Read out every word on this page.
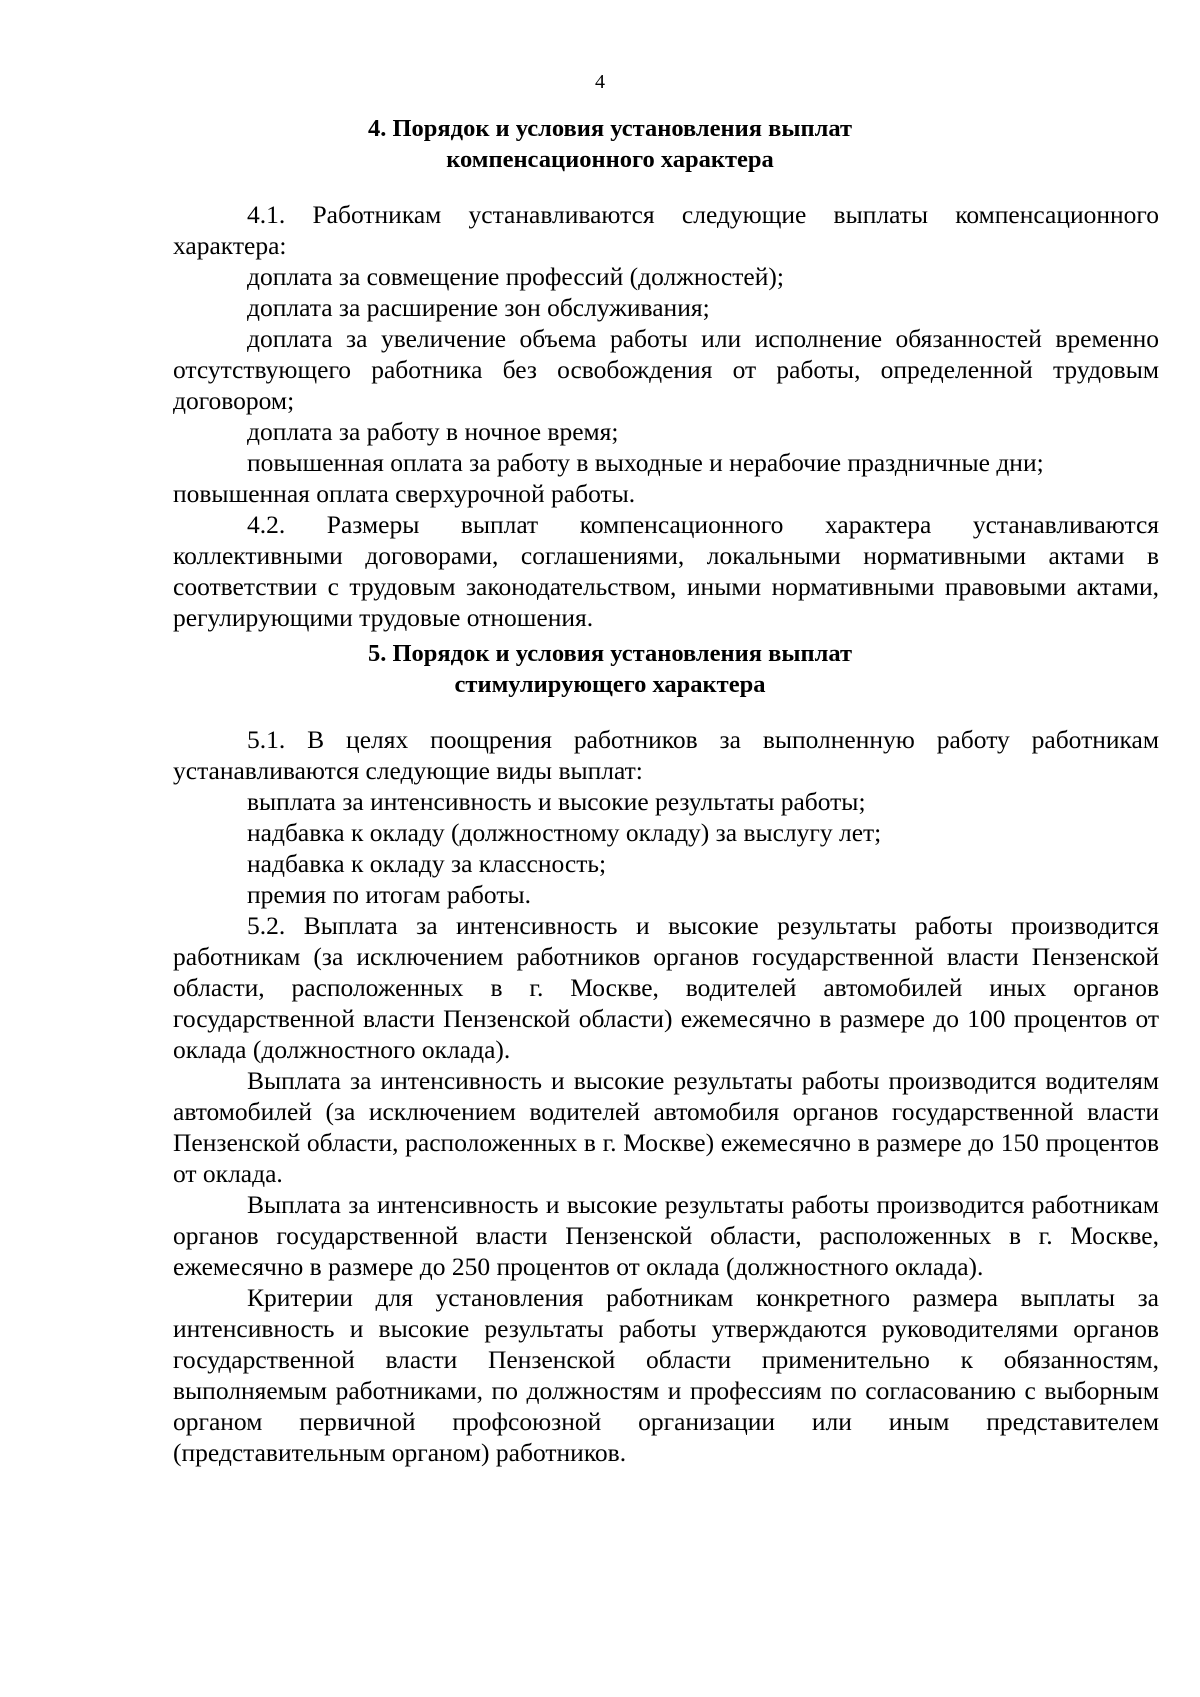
4
4. Порядок и условия установления выплат
компенсационного характера

4.1. Работникам устанавливаются следующие выплаты компенсационного характера:

доплата за совмещение профессий (должностей);

доплата за расширение зон обслуживания;

доплата за увеличение объема работы или исполнение обязанностей временно отсутствующего работника без освобождения от работы, определенной трудовым договором;

доплата за работу в ночное время;

повышенная оплата за работу в выходные и нерабочие праздничные дни;

повышенная оплата сверхурочной работы.

4.2. Размеры выплат компенсационного характера устанавливаются коллективными договорами, соглашениями, локальными нормативными актами в соответствии с трудовым законодательством, иными нормативными правовыми актами, регулирующими трудовые отношения.

5. Порядок и условия установления выплат
стимулирующего характера

5.1. В целях поощрения работников за выполненную работу работникам устанавливаются следующие виды выплат:

выплата за интенсивность и высокие результаты работы;

надбавка к окладу (должностному окладу) за выслугу лет;

надбавка к окладу за классность;

премия по итогам работы.

5.2. Выплата за интенсивность и высокие результаты работы производится работникам (за исключением работников органов государственной власти Пензенской области, расположенных в г. Москве, водителей автомобилей иных органов государственной власти Пензенской области) ежемесячно в размере до 100 процентов от оклада (должностного оклада).

Выплата за интенсивность и высокие результаты работы производится водителям автомобилей (за исключением водителей автомобиля органов государственной власти Пензенской области, расположенных в г. Москве) ежемесячно в размере до 150 процентов от оклада.

Выплата за интенсивность и высокие результаты работы производится работникам органов государственной власти Пензенской области, расположенных в г. Москве, ежемесячно в размере до 250 процентов от оклада (должностного оклада).

Критерии для установления работникам конкретного размера выплаты за интенсивность и высокие результаты работы утверждаются руководителями органов государственной власти Пензенской области применительно к обязанностям, выполняемым работниками, по должностям и профессиям по согласованию с выборным органом первичной профсоюзной организации или иным представителем (представительным органом) работников.
